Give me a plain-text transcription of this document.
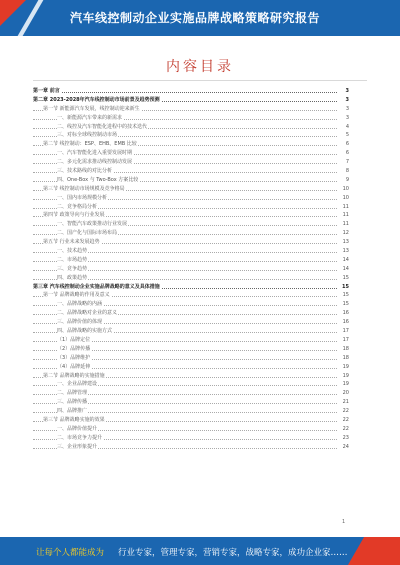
汽车线控制动企业实施品牌战略策略研究报告
内容目录
第一章 前言	3
第二章 2023-2028年汽车线控制动市场前景及趋势预测	3
第一节 新能源汽车发展，线控制动迎来新生	3
一、新能源汽车带来的新需求	3
二、线控及汽车智能化进程中的技术迭代	4
三、对标全球线控制动市场	5
第二节 线控制动：ESP、EHB、EMB 比较	6
一、汽车智能化进入重要发展时期	6
二、多元化需求推动线控制动发展	7
三、技术路线的对比分析	8
四、One-Box 与 Two-Box 方案比较	9
第三节 线控制动市场规模及竞争格局	10
一、国内市场规模分析	10
二、竞争格局分析	11
第四节 政策导向与行业发展	11
一、智能汽车政策推动行业发展	11
二、国产化与国际市场布局	12
第五节 行业未来发展趋势	13
一、技术趋势	13
二、市场趋势	14
三、竞争趋势	14
四、政策趋势	15
第三章 汽车线控制动企业实施品牌战略的意义及具体措施	15
第一节 品牌战略的作用及意义	15
一、品牌战略的内涵	15
二、品牌战略对企业的意义	16
三、品牌价值的体现	16
四、品牌战略的实施方式	17
（1）品牌定位	17
（2）品牌传播	18
（3）品牌维护	18
（4）品牌延伸	19
第二节 品牌战略的实施措施	19
一、企业品牌建设	19
二、品牌管理	20
三、品牌传播	21
四、品牌推广	22
第三节 品牌战略实施的效果	22
一、品牌价值提升	22
二、市场竞争力提升	23
三、企业形象提升	24
1
让每个人都能成为 行业专家，管理专家，营销专家，战略专家，成功企业家……
